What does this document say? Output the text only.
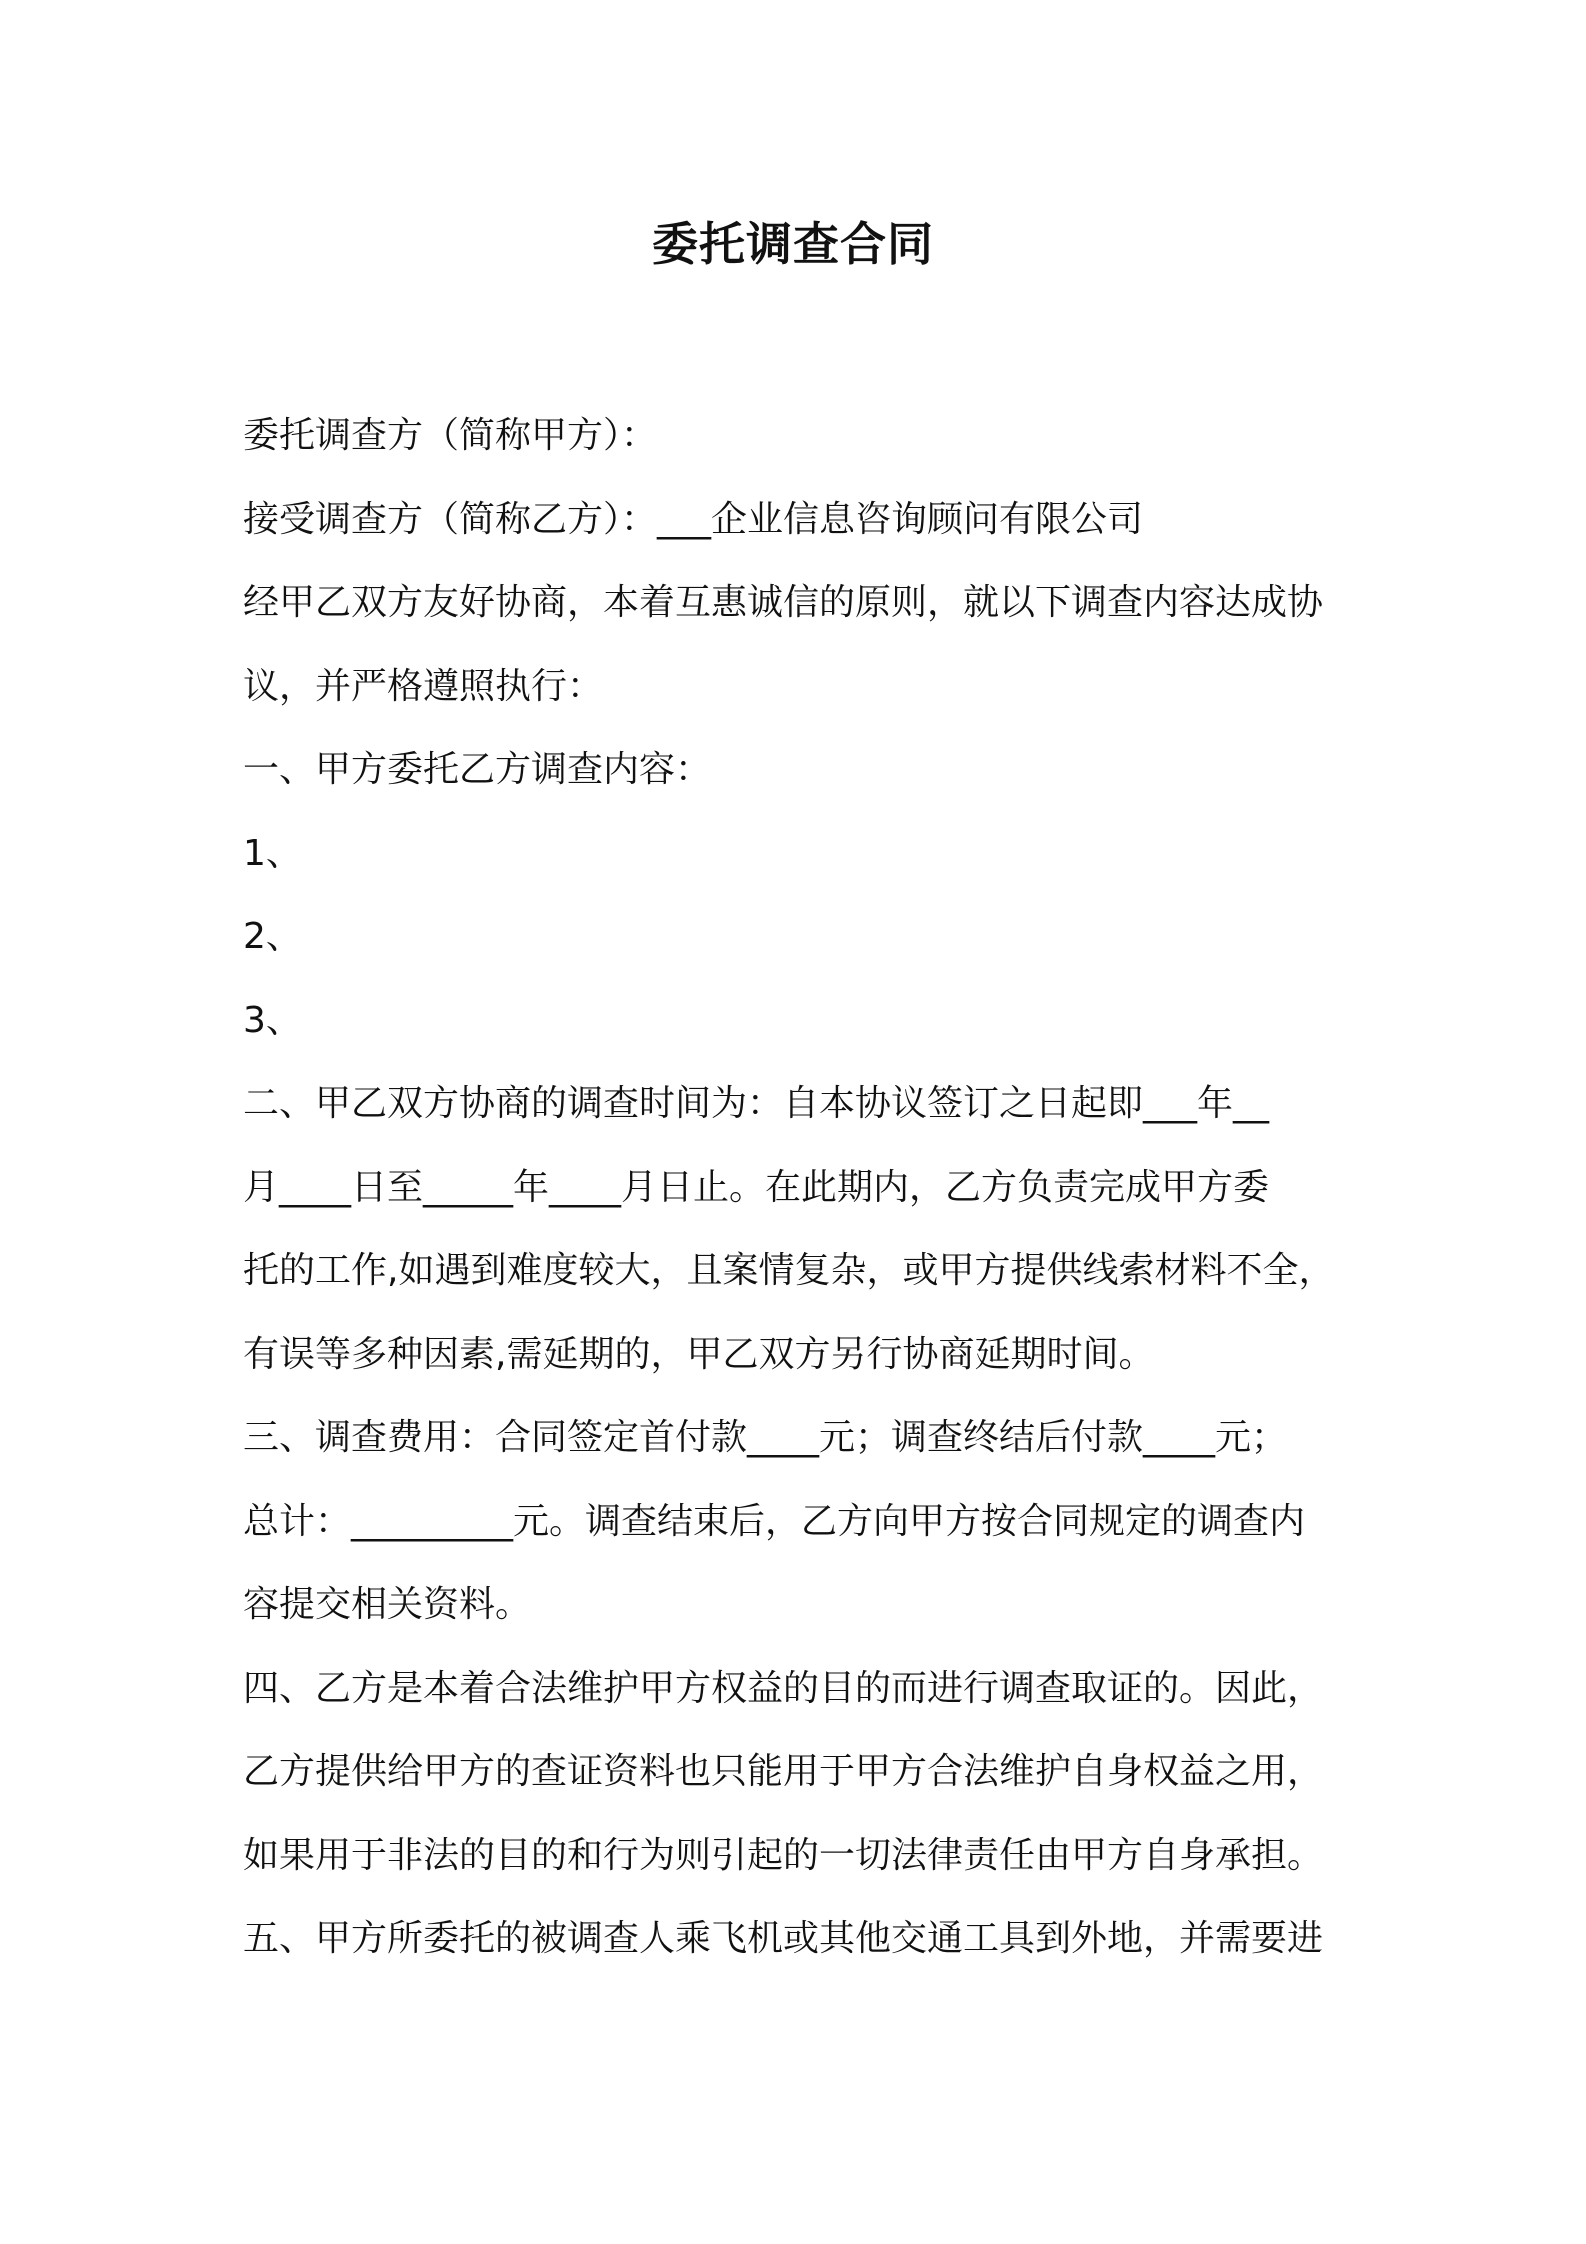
委托调查合同
委托调查方（简称甲方）：
接受调查方（简称乙方）：___企业信息咨询顾问有限公司
经甲乙双方友好协商，本着互惠诚信的原则，就以下调查内容达成协
议，并严格遵照执行：
一、甲方委托乙方调查内容：
1、
2、
3、
二、甲乙双方协商的调查时间为：自本协议签订之日起即___年__
月____日至_____年____月日止。在此期内，乙方负责完成甲方委
托的工作,如遇到难度较大，且案情复杂，或甲方提供线索材料不全，
有误等多种因素,需延期的，甲乙双方另行协商延期时间。
三、调查费用：合同签定首付款____元；调查终结后付款____元；
总计：_________元。调查结束后，乙方向甲方按合同规定的调查内
容提交相关资料。
四、乙方是本着合法维护甲方权益的目的而进行调查取证的。因此，
乙方提供给甲方的查证资料也只能用于甲方合法维护自身权益之用，
如果用于非法的目的和行为则引起的一切法律责任由甲方自身承担。
五、甲方所委托的被调查人乘飞机或其他交通工具到外地，并需要进
